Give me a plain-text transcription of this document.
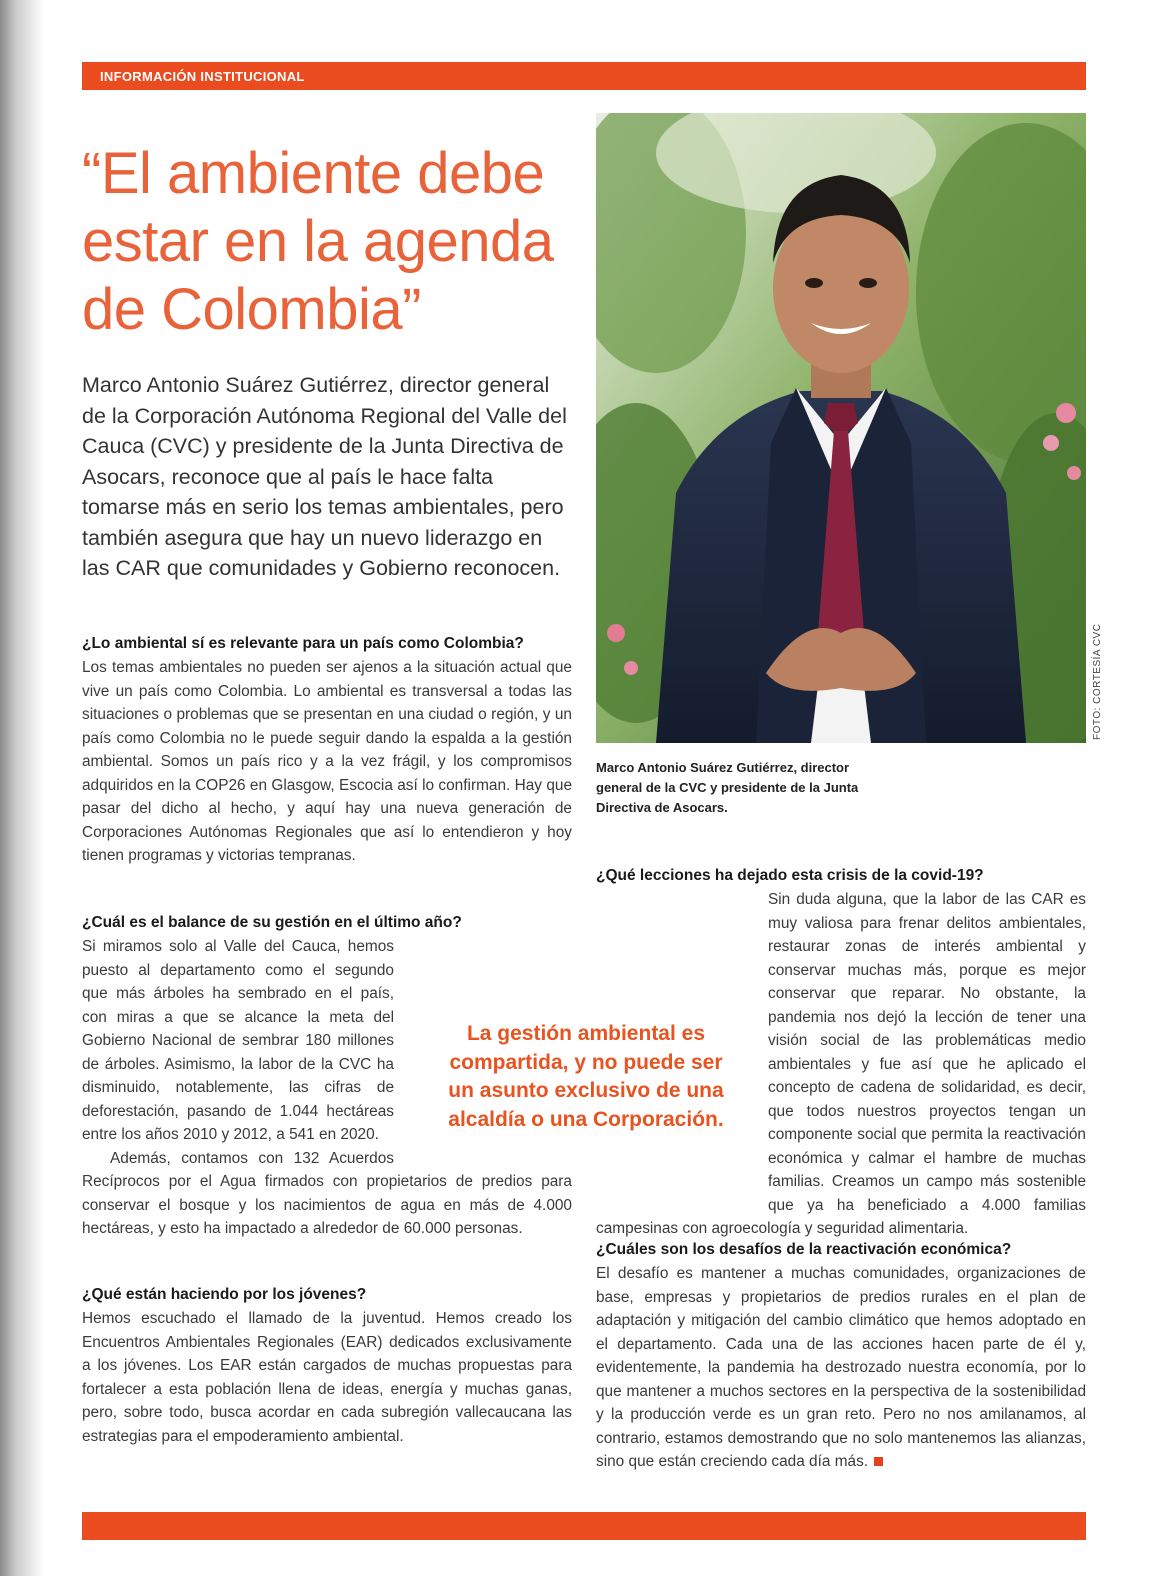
INFORMACIÓN INSTITUCIONAL
“El ambiente debe estar en la agenda de Colombia”

Marco Antonio Suárez Gutiérrez, director general de la Corporación Autónoma Regional del Valle del Cauca (CVC) y presidente de la Junta Directiva de Asocars, reconoce que al país le hace falta tomarse más en serio los temas ambientales, pero también asegura que hay un nuevo liderazgo en las CAR que comunidades y Gobierno reconocen.

¿Lo ambiental sí es relevante para un país como Colombia?

Los temas ambientales no pueden ser ajenos a la situación actual que vive un país como Colombia. Lo ambiental es transversal a todas las situaciones o problemas que se presentan en una ciudad o región, y un país como Colombia no le puede seguir dando la espalda a la gestión ambiental. Somos un país rico y a la vez frágil, y los compromisos adquiridos en la COP26 en Glasgow, Escocia así lo confirman. Hay que pasar del dicho al hecho, y aquí hay una nueva generación de Corporaciones Autónomas Regionales que así lo entendieron y hoy tienen programas y victorias tempranas.

¿Cuál es el balance de su gestión en el último año?

Si miramos solo al Valle del Cauca, hemos puesto al departamento como el segundo que más árboles ha sembrado en el país, con miras a que se alcance la meta del Gobierno Nacional de sembrar 180 millones de árboles. Asimismo, la labor de la CVC ha disminuido, notablemente, las cifras de deforestación, pasando de 1.044 hectáreas entre los años 2010 y 2012, a 541 en 2020.

Además, contamos con 132 Acuerdos Recíprocos por el Agua firmados con propietarios de predios para conservar el bosque y los nacimientos de agua en más de 4.000 hectáreas, y esto ha impactado a alrededor de 60.000 personas.

¿Qué están haciendo por los jóvenes?

Hemos escuchado el llamado de la juventud. Hemos creado los Encuentros Ambientales Regionales (EAR) dedicados exclusivamente a los jóvenes. Los EAR están cargados de muchas propuestas para fortalecer a esta población llena de ideas, energía y muchas ganas, pero, sobre todo, busca acordar en cada subregión vallecaucana las estrategias para el empoderamiento ambiental.

FOTO: CORTESÍA CVC

Marco Antonio Suárez Gutiérrez, director general de la CVC y presidente de la Junta Directiva de Asocars.

La gestión ambiental es compartida, y no puede ser un asunto exclusivo de una alcaldía o una Corporación.

¿Qué lecciones ha dejado esta crisis de la covid-19?

Sin duda alguna, que la labor de las CAR es muy valiosa para frenar delitos ambientales, restaurar zonas de interés ambiental y conservar muchas más, porque es mejor conservar que reparar. No obstante, la pandemia nos dejó la lección de tener una visión social de las problemáticas medio ambientales y fue así que he aplicado el concepto de cadena de solidaridad, es decir, que todos nuestros proyectos tengan un componente social que permita la reactivación económica y calmar el hambre de muchas familias. Creamos un campo más sostenible que ya ha beneficiado a 4.000 familias campesinas con agroecología y seguridad alimentaria.

¿Cuáles son los desafíos de la reactivación económica?

El desafío es mantener a muchas comunidades, organizaciones de base, empresas y propietarios de predios rurales en el plan de adaptación y mitigación del cambio climático que hemos adoptado en el departamento. Cada una de las acciones hacen parte de él y, evidentemente, la pandemia ha destrozado nuestra economía, por lo que mantener a muchos sectores en la perspectiva de la sostenibilidad y la producción verde es un gran reto. Pero no nos amilanamos, al contrario, estamos demostrando que no solo mantenemos las alianzas, sino que están creciendo cada día más.
